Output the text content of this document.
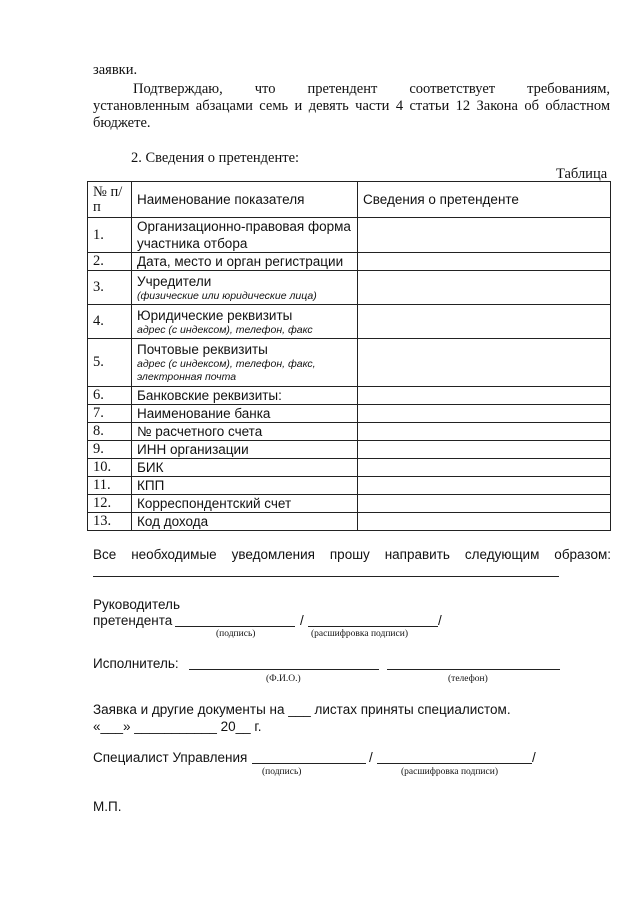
заявки.
Подтверждаю, что претендент соответствует требованиям,
установленным абзацами семь и девять части 4 статьи 12 Закона об областном
бюджете.
2. Сведения о претенденте:
Таблица
№ п/п	Наименование показателя	Сведения о претенденте
1.	Организационно-правовая форма участника отбора	
2.	Дата, место и орган регистрации	
3.	Учредители
(физические или юридические лица)	

4.	Юридические реквизиты
адрес (с индексом), телефон, факс	

5.	Почтовые реквизиты
адрес (с индексом), телефон, факс, электронная почта	

6.	Банковские реквизиты:	
7.	Наименование банка	
8.	№ расчетного счета	
9.	ИНН организации	
10.	БИК	
11.	КПП	
12.	Корреспондентский счет	
13.	Код дохода	
Все необходимые уведомления прошу направить следующим образом:
Руководитель
претендента	/	/
(подпись)	(расшифровка подписи)
Исполнитель:
(Ф.И.О.)	(телефон)
Заявка и другие документы на ___ листах приняты специалистом.
«___» ___________ 20__ г.
Специалист Управления	/	/
(подпись)	(расшифровка подписи)
М.П.
